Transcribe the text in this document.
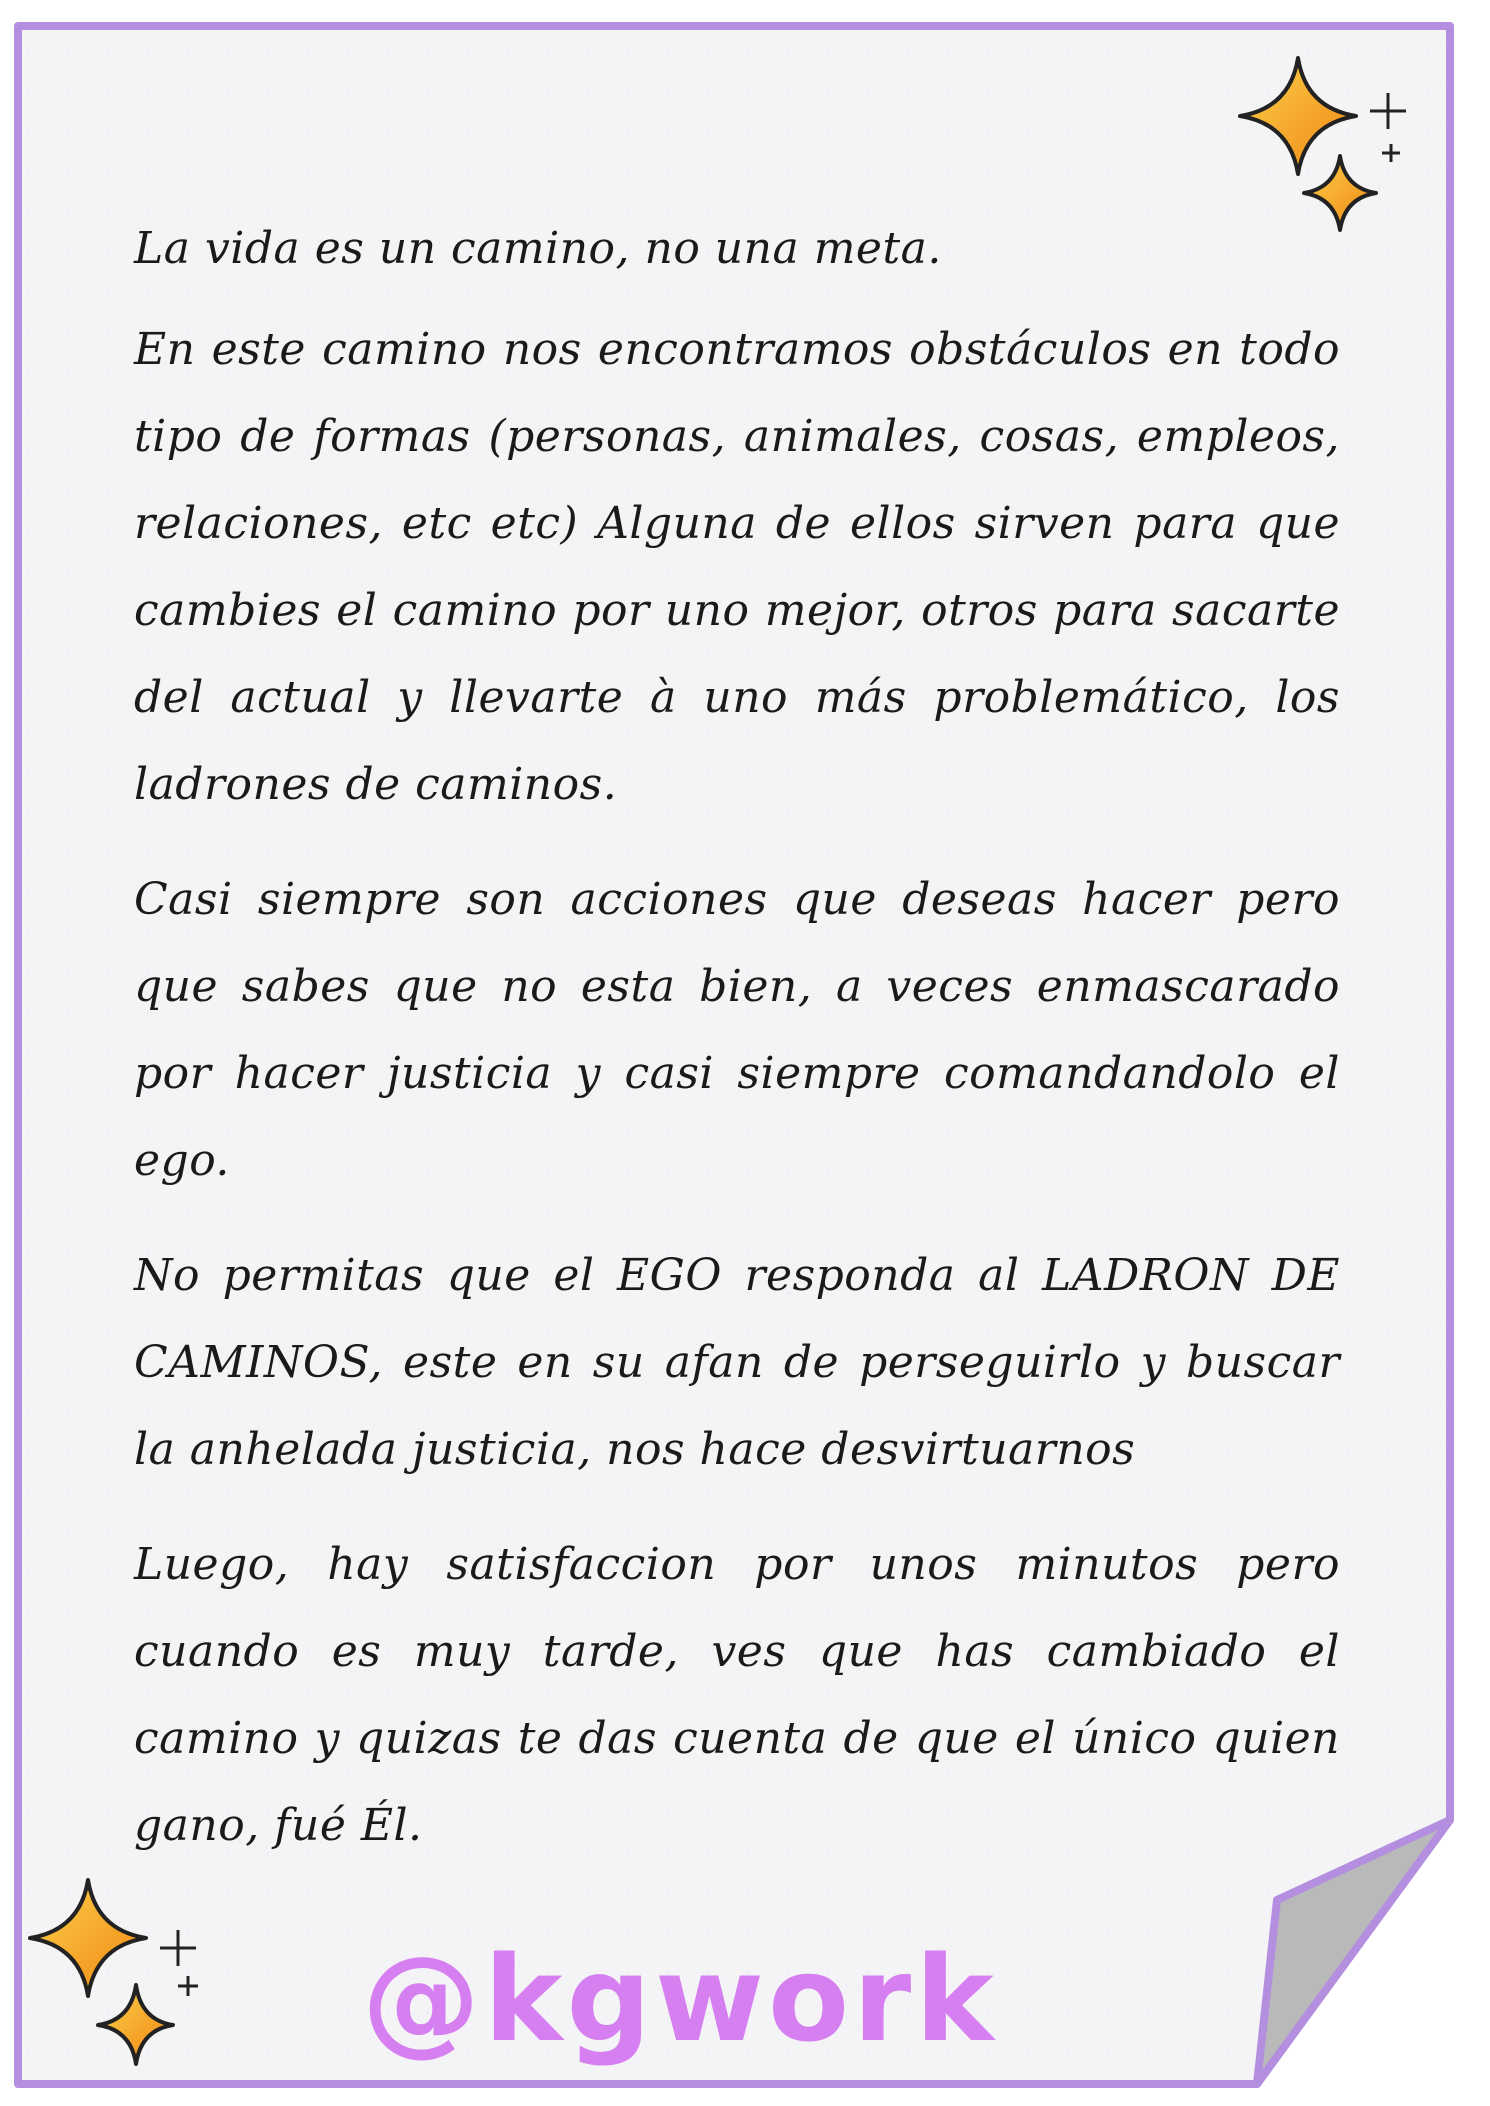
La vida es un camino, no una meta.

En este camino nos encontramos obstáculos en todo tipo de formas (personas, animales, cosas, empleos, relaciones, etc etc) Alguna de ellos sirven para que cambies el camino por uno mejor, otros para sacarte del actual y llevarte à uno más problemático, los ladrones de caminos.

Casi siempre son acciones que deseas hacer pero que sabes que no esta bien, a veces enmascarado por hacer justicia y casi siempre comandandolo el ego.

No permitas que el EGO responda al LADRON DE CAMINOS, este en su afan de perseguirlo y buscar la anhelada justicia, nos hace desvirtuarnos

Luego, hay satisfaccion por unos minutos pero cuando es muy tarde, ves que has cambiado el camino y quizas te das cuenta de que el único quien gano, fué Él.

@kgwork
